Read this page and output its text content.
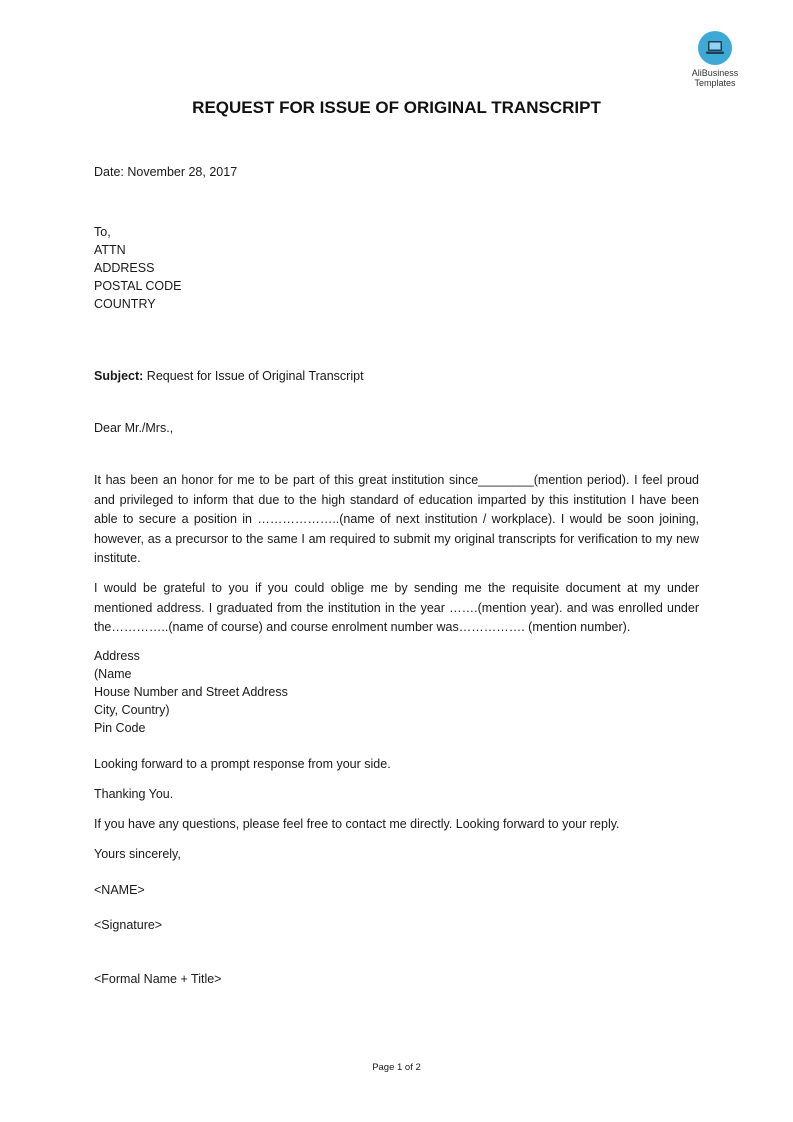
AliBusiness
Templates
REQUEST FOR ISSUE OF ORIGINAL TRANSCRIPT
Date: November 28, 2017
To,
ATTN
ADDRESS
POSTAL CODE
COUNTRY
Subject: Request for Issue of Original Transcript
Dear Mr./Mrs.,
It has been an honor for me to be part of this great institution since________(mention period). I feel proud and privileged to inform that due to the high standard of education imparted by this institution I have been able to secure a position in ………………..(name of next institution / workplace). I would be soon joining, however, as a precursor to the same I am required to submit my original transcripts for verification to my new institute.
I would be grateful to you if you could oblige me by sending me the requisite document at my under mentioned address. I graduated from the institution in the year …….(mention year). and was enrolled under the…………..(name of course) and course enrolment number was……………. (mention number).
Address
(Name
House Number and Street Address
City, Country)
Pin Code
Looking forward to a prompt response from your side.
Thanking You.
If you have any questions, please feel free to contact me directly. Looking forward to your reply.
Yours sincerely,
<NAME>
<Signature>
<Formal Name + Title>
Page 1 of 2
